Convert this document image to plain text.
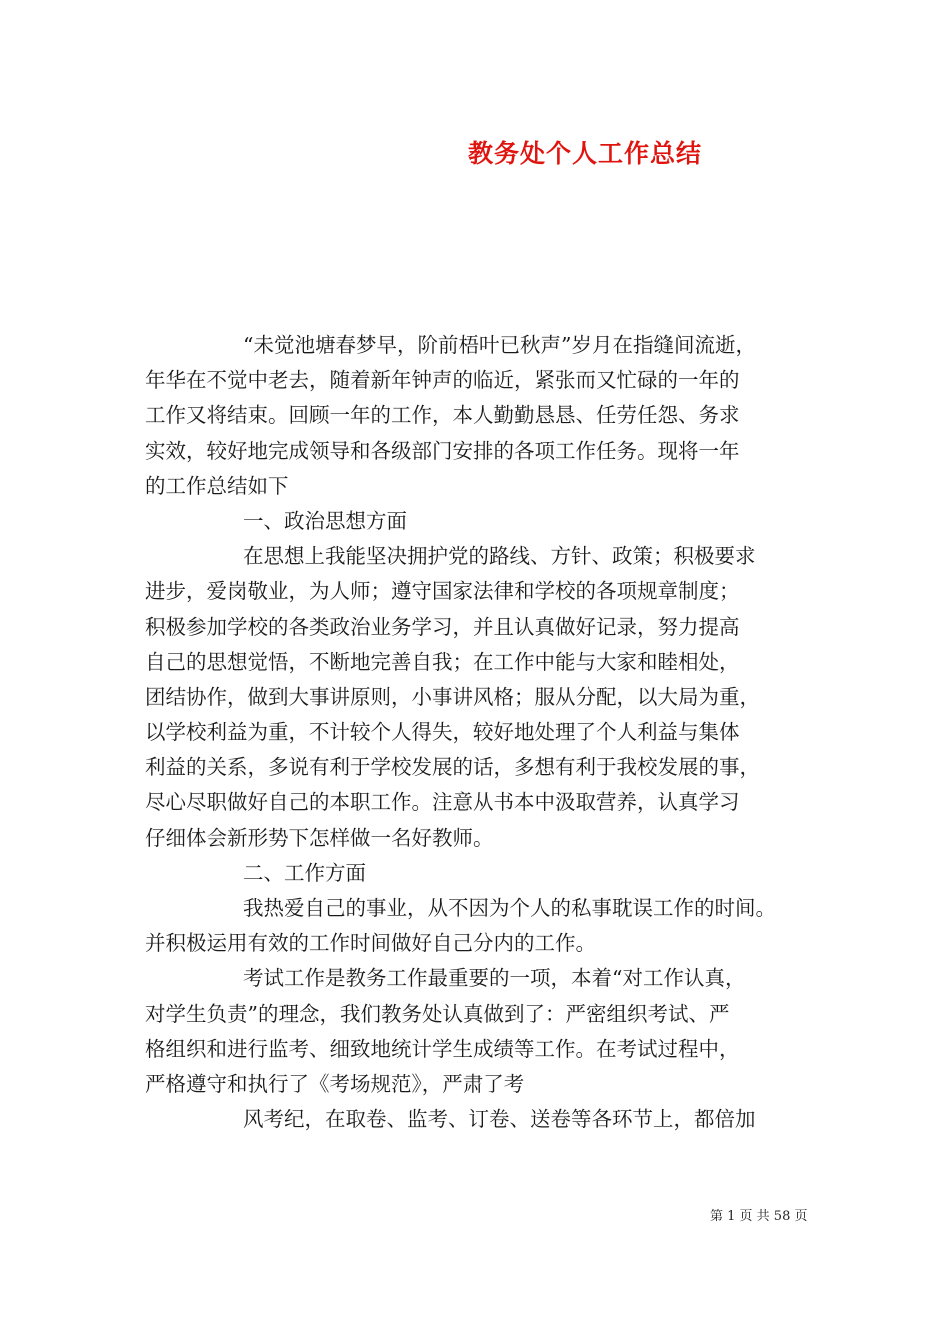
教务处个人工作总结
“未觉池塘春梦早，阶前梧叶已秋声”岁月在指缝间流逝，
年华在不觉中老去，随着新年钟声的临近，紧张而又忙碌的一年的
工作又将结束。回顾一年的工作，本人勤勤恳恳、任劳任怨、务求
实效，较好地完成领导和各级部门安排的各项工作任务。现将一年
的工作总结如下
一、政治思想方面
在思想上我能坚决拥护党的路线、方针、政策；积极要求
进步，爱岗敬业，为人师；遵守国家法律和学校的各项规章制度；
积极参加学校的各类政治业务学习，并且认真做好记录，努力提高
自己的思想觉悟，不断地完善自我；在工作中能与大家和睦相处，
团结协作，做到大事讲原则，小事讲风格；服从分配，以大局为重，
以学校利益为重，不计较个人得失，较好地处理了个人利益与集体
利益的关系，多说有利于学校发展的话，多想有利于我校发展的事，
尽心尽职做好自己的本职工作。注意从书本中汲取营养，认真学习
仔细体会新形势下怎样做一名好教师。
二、工作方面
我热爱自己的事业，从不因为个人的私事耽误工作的时间。
并积极运用有效的工作时间做好自己分内的工作。
考试工作是教务工作最重要的一项，本着“对工作认真，
对学生负责”的理念，我们教务处认真做到了：严密组织考试、严
格组织和进行监考、细致地统计学生成绩等工作。在考试过程中，
严格遵守和执行了《考场规范》，严肃了考
风考纪，在取卷、监考、订卷、送卷等各环节上，都倍加
第 1 页 共 58 页
